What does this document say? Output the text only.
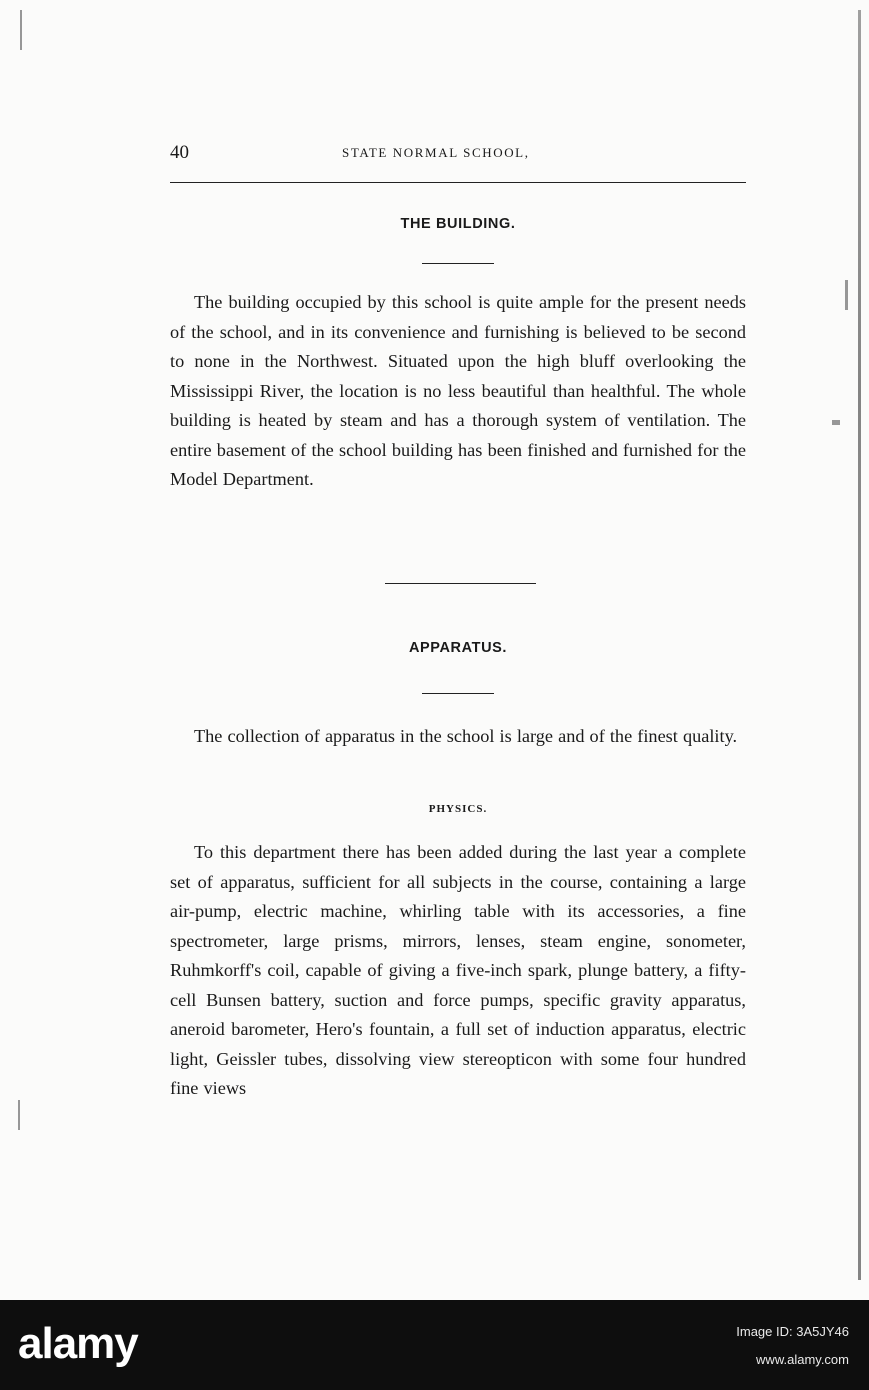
40	STATE NORMAL SCHOOL,
THE BUILDING.

The building occupied by this school is quite ample for the present needs of the school, and in its convenience and furnishing is believed to be second to none in the Northwest. Situated upon the high bluff overlooking the Mississippi River, the location is no less beautiful than healthful. The whole building is heated by steam and has a thorough system of ventilation. The entire basement of the school building has been finished and furnished for the Model Department.

APPARATUS.

The collection of apparatus in the school is large and of the finest quality.

PHYSICS.

To this department there has been added during the last year a complete set of apparatus, sufficient for all subjects in the course, containing a large air-pump, electric machine, whirling table with its accessories, a fine spectrometer, large prisms, mirrors, lenses, steam engine, sonometer, Ruhmkorff's coil, capable of giving a five-inch spark, plunge battery, a fifty-cell Bunsen battery, suction and force pumps, specific gravity apparatus, aneroid barometer, Hero's fountain, a full set of induction apparatus, electric light, Geissler tubes, dissolving view stereopticon with some four hundred fine views

alamy	Image ID: 3A5JY46
www.alamy.com
